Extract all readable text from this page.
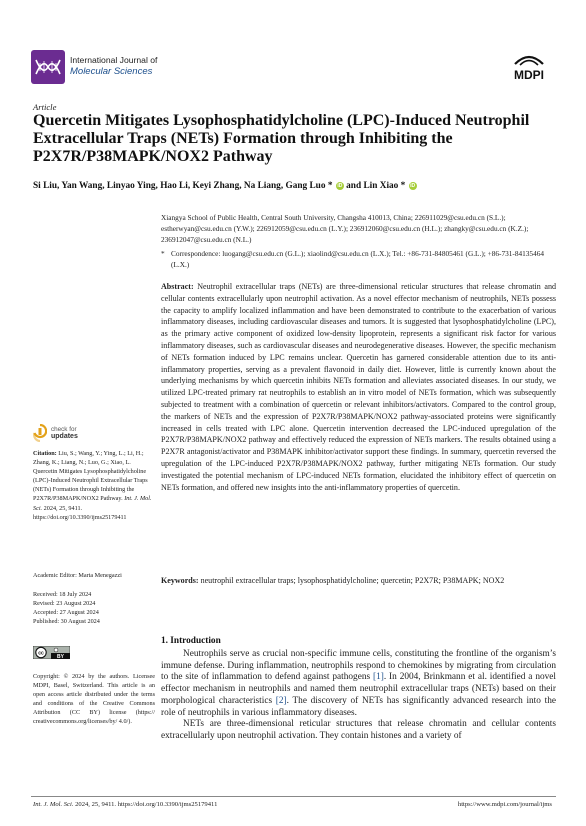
International Journal of
Molecular Sciences	MDPI
Article
Quercetin Mitigates Lysophosphatidylcholine (LPC)-Induced Neutrophil Extracellular Traps (NETs) Formation through Inhibiting the P2X7R/P38MAPK/NOX2 Pathway
Si Liu, Yan Wang, Linyao Ying, Hao Li, Keyi Zhang, Na Liang, Gang Luo * iD and Lin Xiao * iD
Xiangya School of Public Health, Central South University, Changsha 410013, China; 226911029@csu.edu.cn (S.L.); estherwyan@csu.edu.cn (Y.W.); 226912059@csu.edu.cn (L.Y.); 236912060@csu.edu.cn (H.L.); zhangky@csu.edu.cn (K.Z.); 236912047@csu.edu.cn (N.L.)
* Correspondence: luogang@csu.edu.cn (G.L.); xiaolind@csu.edu.cn (L.X.); Tel.: +86-731-84805461 (G.L.); +86-731-84135464 (L.X.)
Abstract: Neutrophil extracellular traps (NETs) are three-dimensional reticular structures that release chromatin and cellular contents extracellularly upon neutrophil activation. As a novel effector mechanism of neutrophils, NETs possess the capacity to amplify localized inflammation and have been demonstrated to contribute to the exacerbation of various inflammatory diseases, including cardiovascular diseases and tumors. It is suggested that lysophosphatidylcholine (LPC), as the primary active component of oxidized low-density lipoprotein, represents a significant risk factor for various inflammatory diseases, such as cardiovascular diseases and neurodegenerative diseases. However, the specific mechanism of NETs formation induced by LPC remains unclear. Quercetin has garnered considerable attention due to its anti-inflammatory properties, serving as a prevalent flavonoid in daily diet. However, little is currently known about the underlying mechanisms by which quercetin inhibits NETs formation and alleviates associated diseases. In our study, we utilized LPC-treated primary rat neutrophils to establish an in vitro model of NETs formation, which was subsequently subjected to treatment with a combination of quercetin or relevant inhibitors/activators. Compared to the control group, the markers of NETs and the expression of P2X7R/P38MAPK/NOX2 pathway-associated proteins were significantly increased in cells treated with LPC alone. Quercetin intervention decreased the LPC-induced upregulation of the P2X7R/P38MAPK/NOX2 pathway and effectively reduced the expression of NETs markers. The results obtained using a P2X7R antagonist/activator and P38MAPK inhibitor/activator support these findings. In summary, quercetin reversed the upregulation of the LPC-induced P2X7R/P38MAPK/NOX2 pathway, further mitigating NETs formation. Our study investigated the potential mechanism of LPC-induced NETs formation, elucidated the inhibitory effect of quercetin on NETs formation, and offered new insights into the anti-inflammatory properties of quercetin.
Keywords: neutrophil extracellular traps; lysophosphatidylcholine; quercetin; P2X7R; P38MAPK; NOX2
check for
updates
Citation: Liu, S.; Wang, Y.; Ying, L.; Li, H.; Zhang, K.; Liang, N.; Luo, G.; Xiao, L. Quercetin Mitigates Lysophosphatidylcholine (LPC)-Induced Neutrophil Extracellular Traps (NETs) Formation through Inhibiting the P2X7R/P38MAPK/NOX2 Pathway. Int. J. Mol. Sci. 2024, 25, 9411. https://doi.org/10.3390/ijms25179411
Academic Editor: Marta Menegazzi
Received: 18 July 2024
Revised: 23 August 2024
Accepted: 27 August 2024
Published: 30 August 2024
cc
BY
Copyright: © 2024 by the authors. Licensee MDPI, Basel, Switzerland. This article is an open access article distributed under the terms and conditions of the Creative Commons Attribution (CC BY) license (https:// creativecommons.org/licenses/by/ 4.0/).
1. Introduction

Neutrophils serve as crucial non-specific immune cells, constituting the frontline of the organism’s immune defense. During inflammation, neutrophils respond to chemokines by migrating from circulation to the site of inflammation to defend against pathogens [1]. In 2004, Brinkmann et al. identified a novel effector mechanism in neutrophils and named them neutrophil extracellular traps (NETs) based on their morphological characteristics [2]. The discovery of NETs has significantly advanced research into the role of neutrophils in various inflammatory diseases.

NETs are three-dimensional reticular structures that release chromatin and cellular contents extracellularly upon neutrophil activation. They contain histones and a variety of

Int. J. Mol. Sci. 2024, 25, 9411. https://doi.org/10.3390/ijms25179411	https://www.mdpi.com/journal/ijms
